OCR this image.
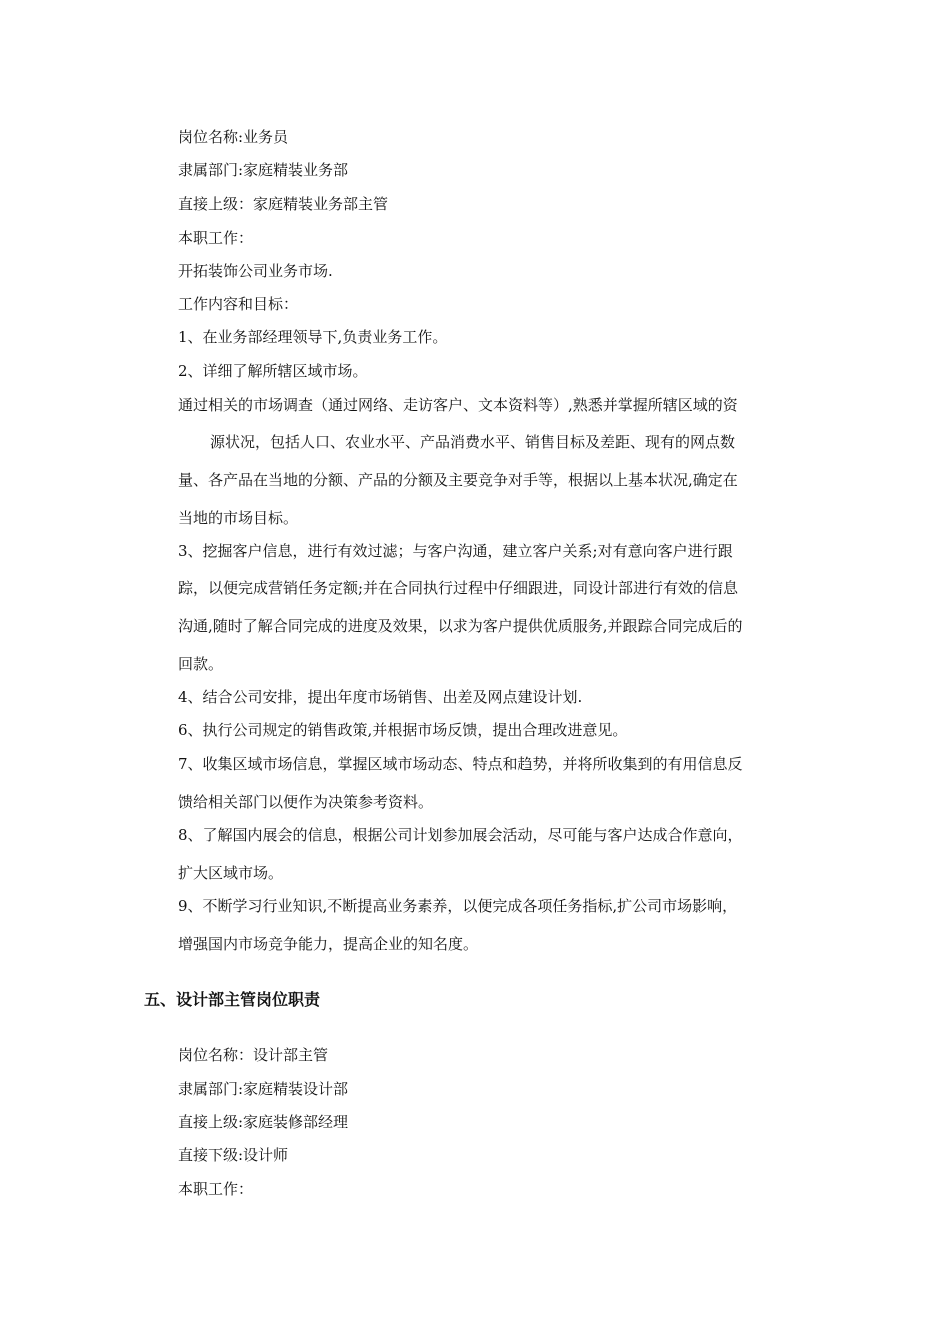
岗位名称:业务员
隶属部门:家庭精装业务部
直接上级：家庭精装业务部主管
本职工作：
开拓装饰公司业务市场.
工作内容和目标：
1、在业务部经理领导下,负责业务工作。
2、详细了解所辖区域市场。
通过相关的市场调查（通过网络、走访客户、文本资料等）,熟悉并掌握所辖区域的资
源状况，包括人口、农业水平、产品消费水平、销售目标及差距、现有的网点数
量、各产品在当地的分额、产品的分额及主要竞争对手等，根据以上基本状况,确定在
当地的市场目标。
3、挖掘客户信息，进行有效过滤；与客户沟通，建立客户关系;对有意向客户进行跟
踪，以便完成营销任务定额;并在合同执行过程中仔细跟进，同设计部进行有效的信息
沟通,随时了解合同完成的进度及效果，以求为客户提供优质服务,并跟踪合同完成后的
回款。
4、结合公司安排，提出年度市场销售、出差及网点建设计划.
6、执行公司规定的销售政策,并根据市场反馈，提出合理改进意见。
7、收集区域市场信息，掌握区域市场动态、特点和趋势，并将所收集到的有用信息反
馈给相关部门以便作为决策参考资料。
8、了解国内展会的信息，根据公司计划参加展会活动，尽可能与客户达成合作意向，
扩大区域市场。
9、不断学习行业知识,不断提高业务素养，以便完成各项任务指标,扩公司市场影响，
增强国内市场竞争能力，提高企业的知名度。
五、设计部主管岗位职责
岗位名称：设计部主管
隶属部门:家庭精装设计部
直接上级:家庭装修部经理
直接下级:设计师
本职工作：
